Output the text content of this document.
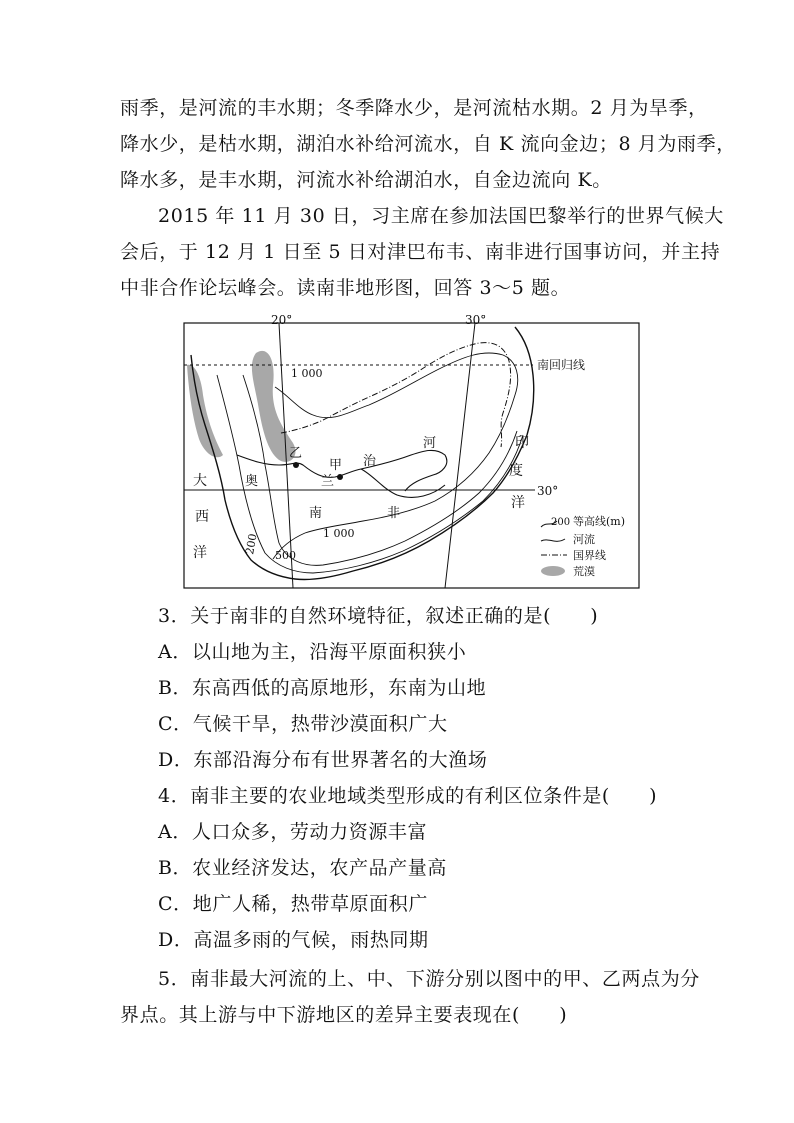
雨季，是河流的丰水期；冬季降水少，是河流枯水期。2 月为旱季，
降水少，是枯水期，湖泊水补给河流水，自 K 流向金边；8 月为雨季，
降水多，是丰水期，河流水补给湖泊水，自金边流向 K。
2015 年 11 月 30 日，习主席在参加法国巴黎举行的世界气候大
会后，于 12 月 1 日至 5 日对津巴布韦、南非进行国事访问，并主持
中非合作论坛峰会。读南非地形图，回答 3～5 题。
20°	30°
南回归线
30°
1 000
1 000
200 500
大
西
洋
印
度
洋
乙
甲
奥	兰
治
河
南	非
200 等高线(m)
河流
国界线
荒漠
3．关于南非的自然环境特征，叙述正确的是(　　)
A．以山地为主，沿海平原面积狭小
B．东高西低的高原地形，东南为山地
C．气候干旱，热带沙漠面积广大
D．东部沿海分布有世界著名的大渔场
4．南非主要的农业地域类型形成的有利区位条件是(　　)
A．人口众多，劳动力资源丰富
B．农业经济发达，农产品产量高
C．地广人稀，热带草原面积广
D．高温多雨的气候，雨热同期
5．南非最大河流的上、中、下游分别以图中的甲、乙两点为分
界点。其上游与中下游地区的差异主要表现在(　　)
